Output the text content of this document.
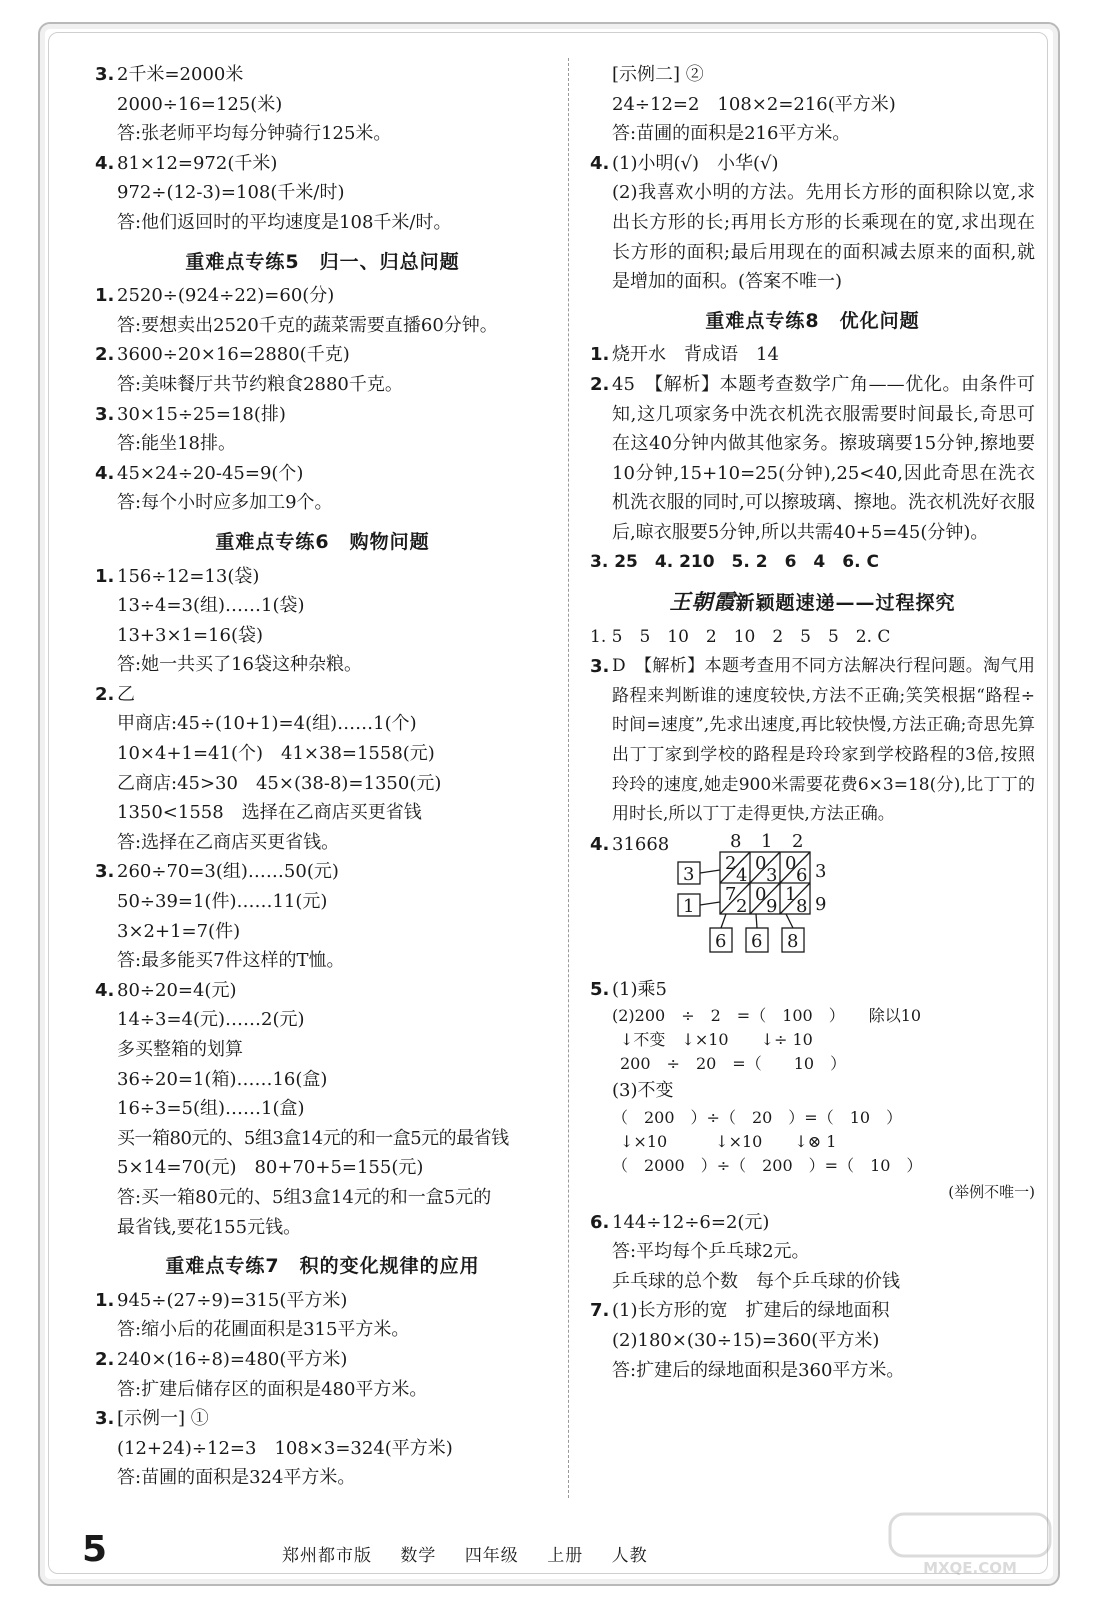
3. 2千米=2000米
2000÷16=125(米)
答:张老师平均每分钟骑行125米。
4. 81×12=972(千米)
972÷(12-3)=108(千米/时)
答:他们返回时的平均速度是108千米/时。
重难点专练5　归一、归总问题
1. 2520÷(924÷22)=60(分)
答:要想卖出2520千克的蔬菜需要直播60分钟。
2. 3600÷20×16=2880(千克)
答:美味餐厅共节约粮食2880千克。
3. 30×15÷25=18(排)
答:能坐18排。
4. 45×24÷20-45=9(个)
答:每个小时应多加工9个。
重难点专练6　购物问题
1. 156÷12=13(袋)
13÷4=3(组)……1(袋)
13+3×1=16(袋)
答:她一共买了16袋这种杂粮。
2. 乙
甲商店:45÷(10+1)=4(组)……1(个)
10×4+1=41(个)　41×38=1558(元)
乙商店:45>30　45×(38-8)=1350(元)
1350<1558　选择在乙商店买更省钱
答:选择在乙商店买更省钱。
3. 260÷70=3(组)……50(元)
50÷39=1(件)……11(元)
3×2+1=7(件)
答:最多能买7件这样的T恤。
4. 80÷20=4(元)
14÷3=4(元)……2(元)
多买整箱的划算
36÷20=1(箱)……16(盒)
16÷3=5(组)……1(盒)
买一箱80元的、5组3盒14元的和一盒5元的最省钱
5×14=70(元)　80+70+5=155(元)
答:买一箱80元的、5组3盒14元的和一盒5元的
最省钱,要花155元钱。
重难点专练7　积的变化规律的应用
1. 945÷(27÷9)=315(平方米)
答:缩小后的花圃面积是315平方米。
2. 240×(16÷8)=480(平方米)
答:扩建后储存区的面积是480平方米。
3. [示例一] ①
(12+24)÷12=3　108×3=324(平方米)
答:苗圃的面积是324平方米。
[示例二] ②
24÷12=2　108×2=216(平方米)
答:苗圃的面积是216平方米。
4. (1)小明(√)　小华(√)
(2)我喜欢小明的方法。先用长方形的面积除以宽,求出长方形的长;再用长方形的长乘现在的宽,求出现在长方形的面积;最后用现在的面积减去原来的面积,就是增加的面积。(答案不唯一)
重难点专练8　优化问题
1. 烧开水　背成语　14
2. 45　【解析】本题考查数学广角——优化。由条件可知,这几项家务中洗衣机洗衣服需要时间最长,奇思可在这40分钟内做其他家务。擦玻璃要15分钟,擦地要10分钟,15+10=25(分钟),25<40,因此奇思在洗衣机洗衣服的同时,可以擦玻璃、擦地。洗衣机洗好衣服后,晾衣服要5分钟,所以共需40+5=45(分钟)。
3. 25　4. 210　5. 2　6　4　6. C
王朝霞新颖题速递——过程探究
1. 5　5　10　2　10　2　5　5　2. C
3. D　【解析】本题考查用不同方法解决行程问题。淘气用路程来判断谁的速度较快,方法不正确;笑笑根据“路程÷时间=速度”,先求出速度,再比较快慢,方法正确;奇思先算出丁丁家到学校的路程是玲玲家到学校路程的3倍,按照玲玲的速度,她走900米需要花费6×3=18(分),比丁丁的用时长,所以丁丁走得更快,方法正确。
4. 31668	8 1 2
3
9
3
1
2
4
0
3
0
6
7
2
0
9
1
8
6 6 8
5. (1)乘5
(2)200　÷　2　=（　100　）　　除以10
↓不变　↓×10　　↓÷ 10
200　÷　20　=（　　10　）
(3)不变
（　200　）÷（　20　）=（　10　）
↓×10　　　↓×10　　↓⊗ 1
（　2000　）÷（　200　）=（　10　）
(举例不唯一)
6. 144÷12÷6=2(元)
答:平均每个乒乓球2元。
乒乓球的总个数　每个乒乓球的价钱
7. (1)长方形的宽　扩建后的绿地面积
(2)180×(30÷15)=360(平方米)
答:扩建后的绿地面积是360平方米。
5	郑州都市版 数学 四年级 上册 人教
MXQE.COM
